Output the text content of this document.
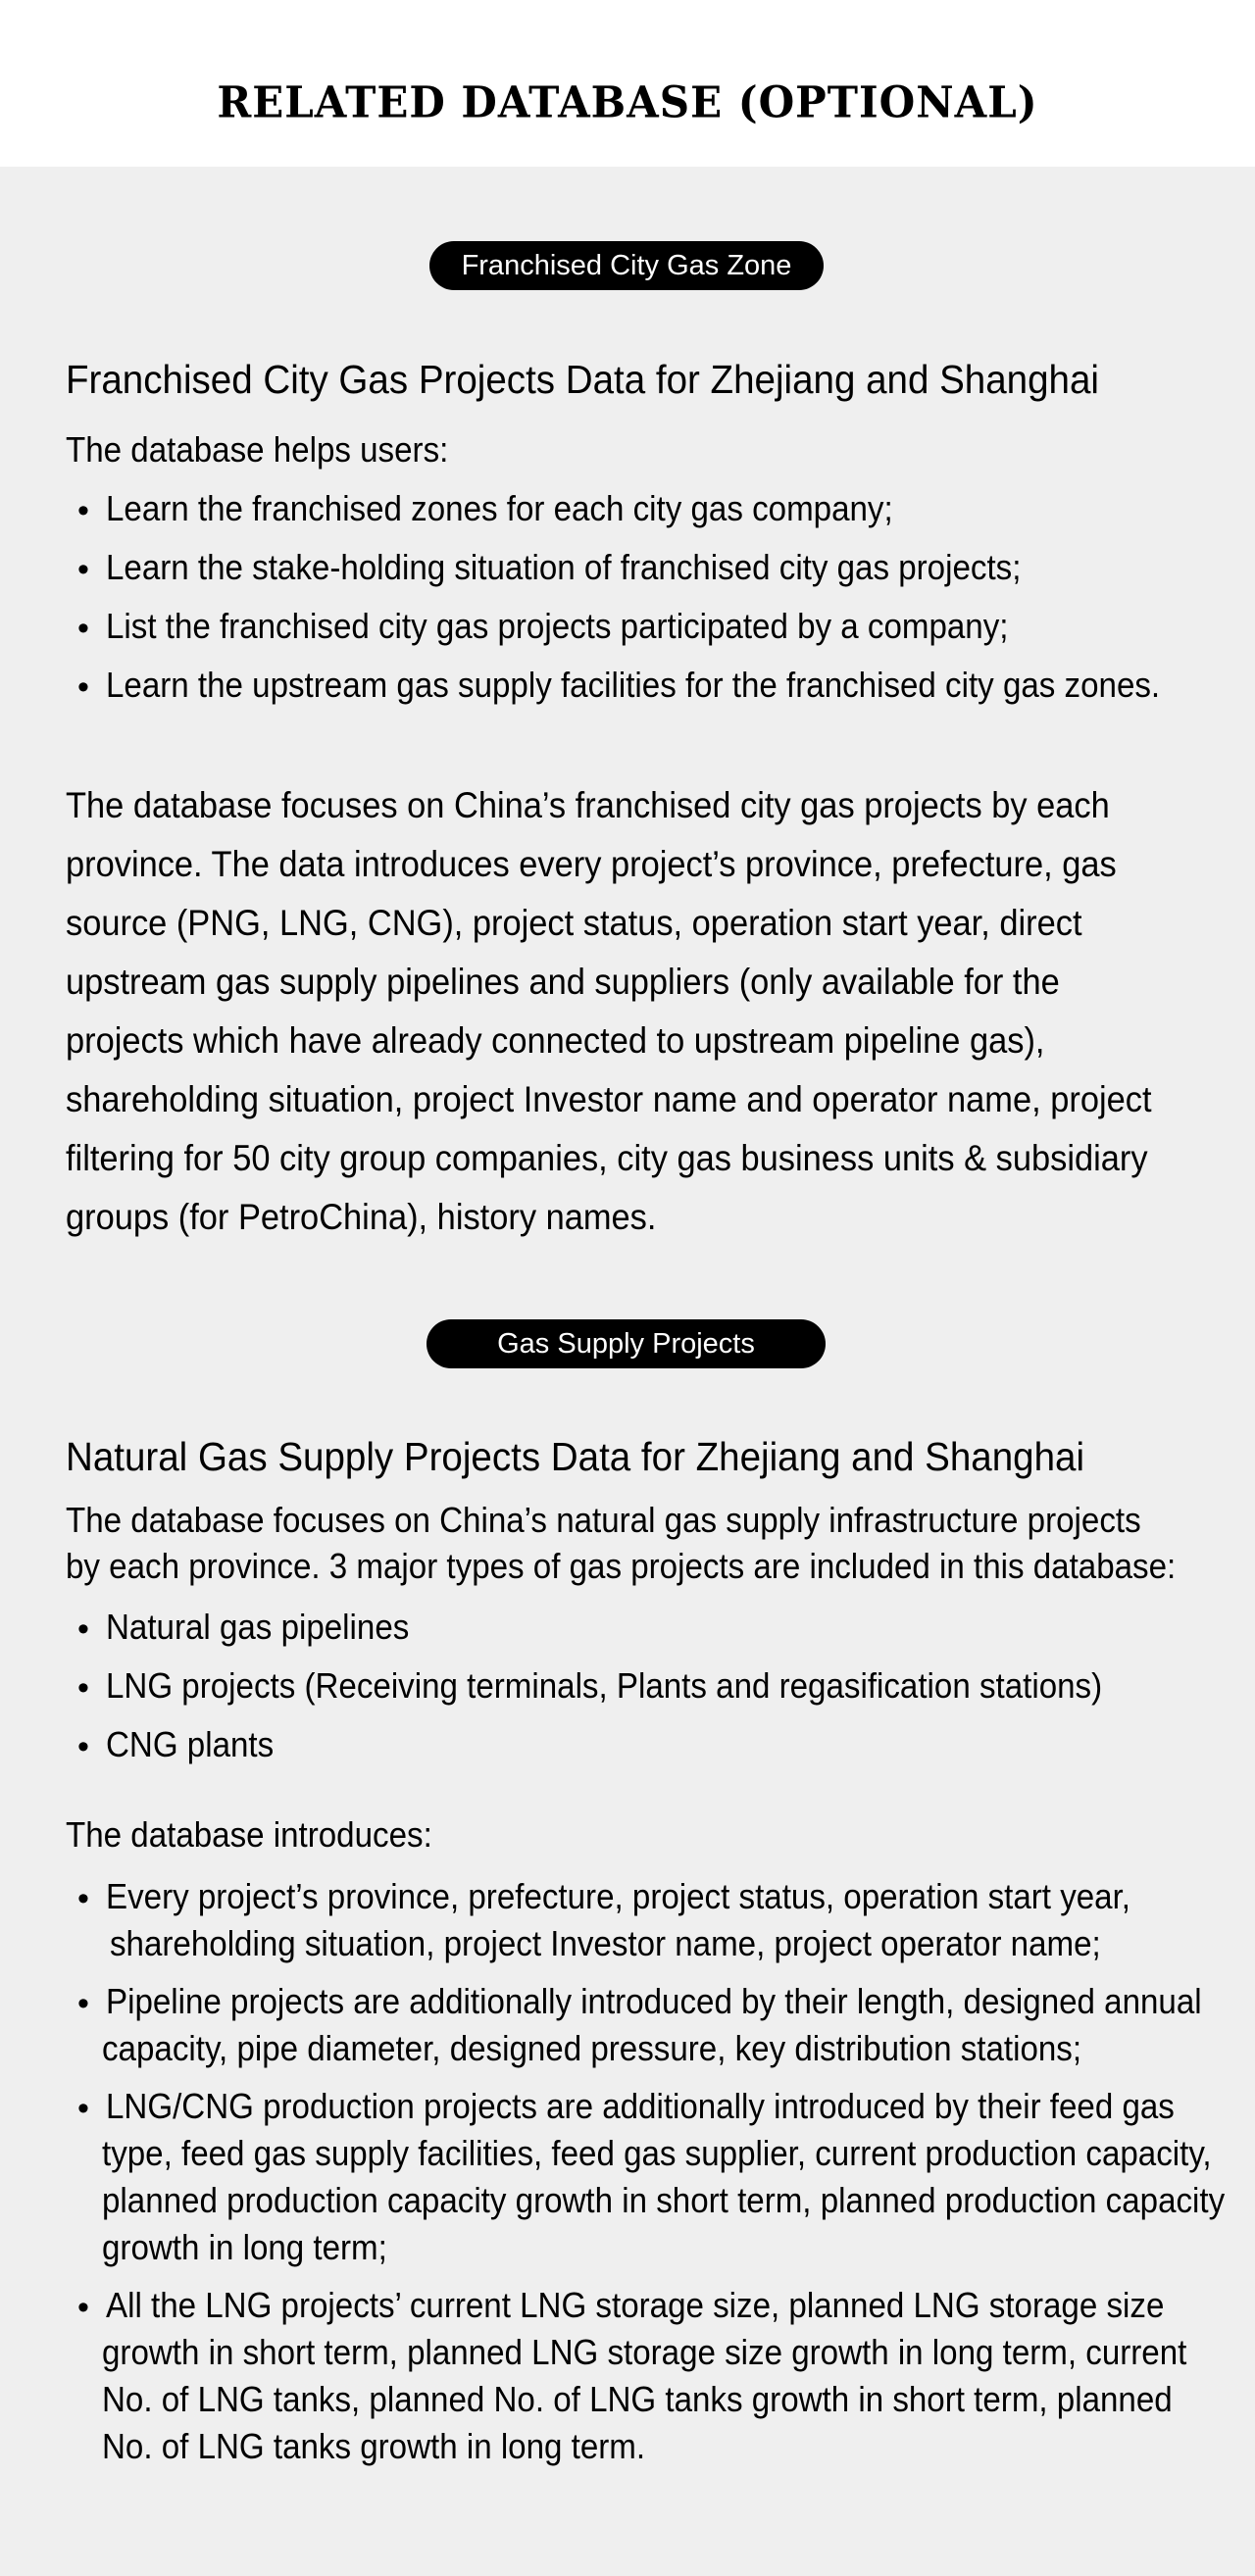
RELATED DATABASE (OPTIONAL)
Franchised City Gas Zone
Franchised City Gas Projects Data for Zhejiang and Shanghai
The database helps users:
• Learn the franchised zones for each city gas company;
• Learn the stake-holding situation of franchised city gas projects;
• List the franchised city gas projects participated by a company;
• Learn the upstream gas supply facilities for the franchised city gas zones.
The database focuses on China’s franchised city gas projects by each
province. The data introduces every project’s province, prefecture, gas
source (PNG, LNG, CNG), project status, operation start year, direct
upstream gas supply pipelines and suppliers (only available for the
projects which have already connected to upstream pipeline gas),
shareholding situation, project Investor name and operator name, project
filtering for 50 city group companies, city gas business units & subsidiary
groups (for PetroChina), history names.
Gas Supply Projects
Natural Gas Supply Projects Data for Zhejiang and Shanghai
The database focuses on China’s natural gas supply infrastructure projects
by each province. 3 major types of gas projects are included in this database:
• Natural gas pipelines
• LNG projects (Receiving terminals, Plants and regasification stations)
• CNG plants
The database introduces:
• Every project’s province, prefecture, project status, operation start year,
shareholding situation, project Investor name, project operator name;
• Pipeline projects are additionally introduced by their length, designed annual
capacity, pipe diameter, designed pressure, key distribution stations;
• LNG/CNG production projects are additionally introduced by their feed gas
type, feed gas supply facilities, feed gas supplier, current production capacity,
planned production capacity growth in short term, planned production capacity
growth in long term;
• All the LNG projects’ current LNG storage size, planned LNG storage size
growth in short term, planned LNG storage size growth in long term, current
No. of LNG tanks, planned No. of LNG tanks growth in short term, planned
No. of LNG tanks growth in long term.
